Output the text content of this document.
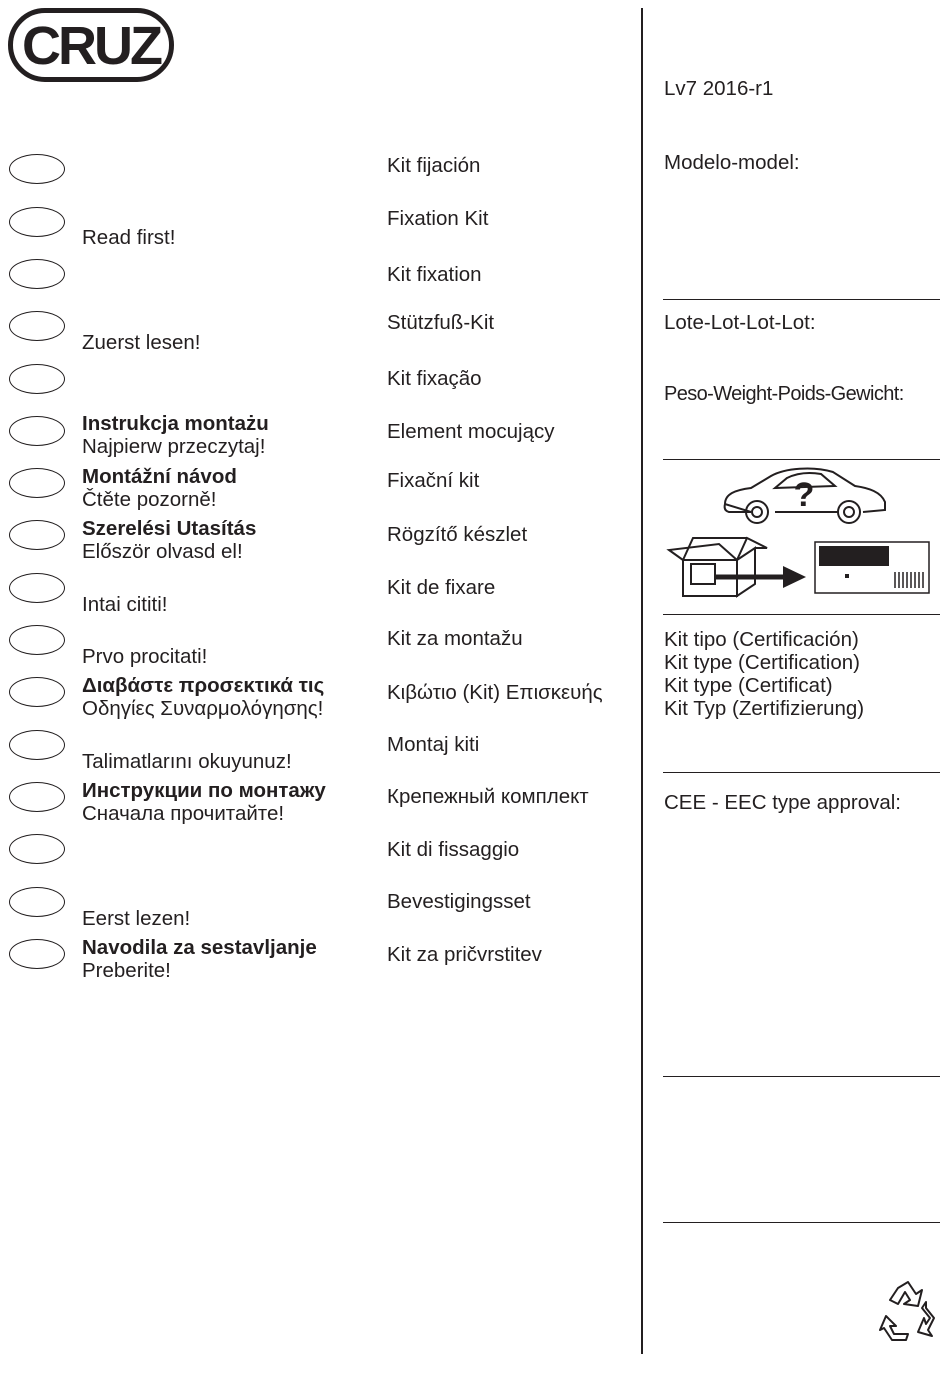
CRUZ
Lv7 2016-r1
Read first!
Zuerst lesen!
Instrukcja montażu
Najpierw przeczytaj!
Montážní návod
Čtěte pozorně!
Szerelési Utasítás
Először olvasd el!
Intai cititi!
Prvo procitati!
Διαβάστε προσεκτικά τις
Οδηγίες Συναρμολόγησης!
Talimatlarını okuyunuz!
Инструкции по монтажу
Сначала прочитайте!
Eerst lezen!
Navodila za sestavljanje
Preberite!
Kit fijación
Fixation Kit
Kit fixation
Stützfuß-Kit
Kit fixação
Element mocujący
Fixační kit
Rögzítő készlet
Kit de fixare
Kit za montažu
Κιβώτιο (Kit) Επισκευής
Montaj kiti
Крепежный комплект
Kit di fissaggio
Bevestigingsset
Kit za pričvrstitev
Modelo-model:
Lote-Lot-Lot-Lot:
Peso-Weight-Poids-Gewicht:
?
Kit tipo (Certificación)
Kit type (Certification)
Kit type (Certificat)
Kit Typ (Zertifizierung)
CEE - EEC type approval:
